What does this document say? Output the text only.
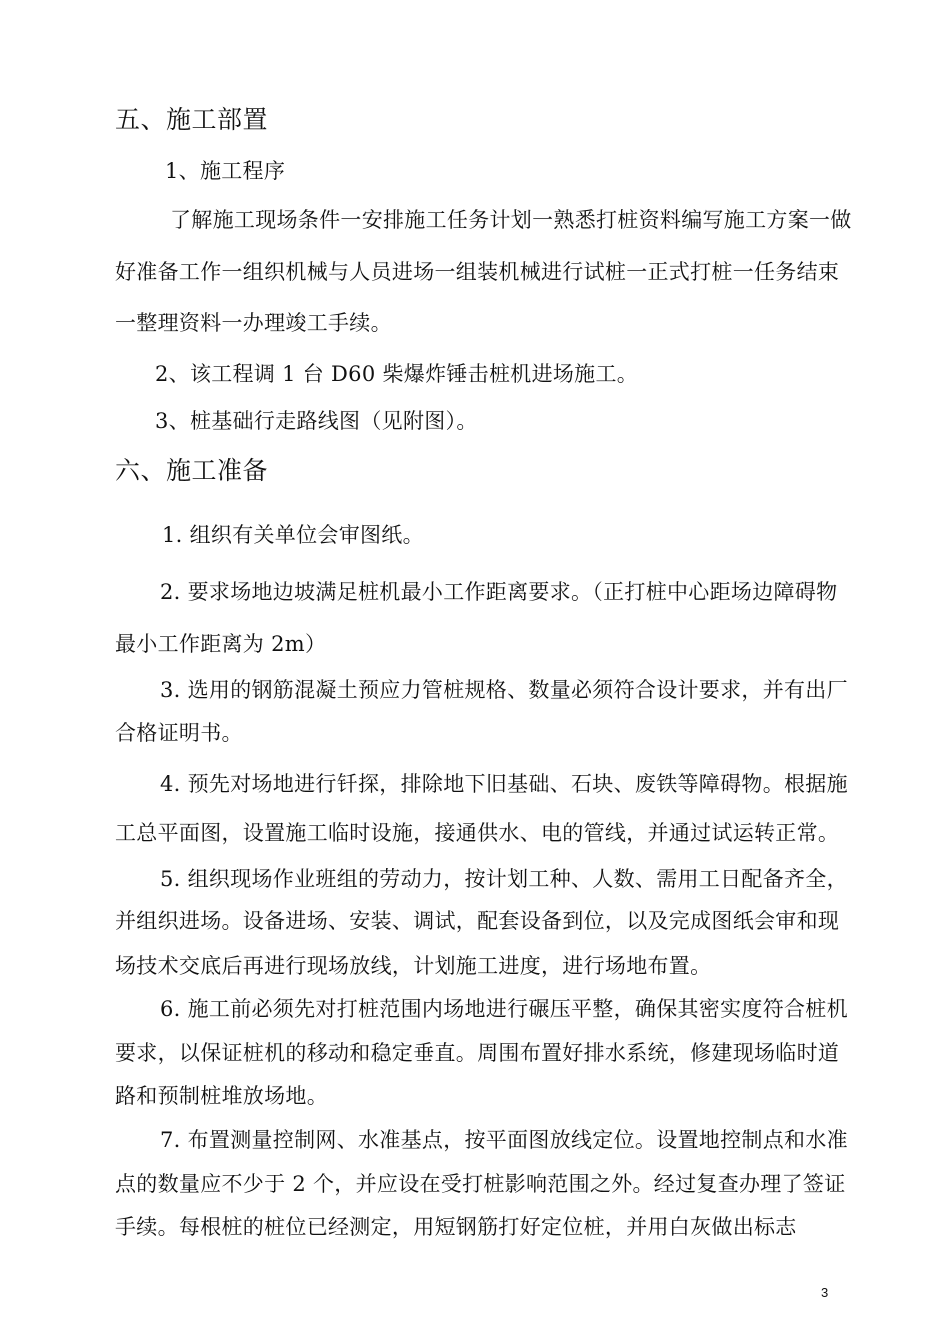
五、施工部置
1、施工程序
了解施工现场条件一安排施工任务计划一熟悉打桩资料编写施工方案一做
好准备工作一组织机械与人员进场一组装机械进行试桩一正式打桩一任务结束
一整理资料一办理竣工手续。
2、该工程调 1 台 D60 柴爆炸锤击桩机进场施工。
3、桩基础行走路线图（见附图）。
六、施工准备
1. 组织有关单位会审图纸。
2. 要求场地边坡满足桩机最小工作距离要求。（正打桩中心距场边障碍物
最小工作距离为 2m）
3. 选用的钢筋混凝土预应力管桩规格、数量必须符合设计要求，并有出厂
合格证明书。
4. 预先对场地进行钎探，排除地下旧基础、石块、废铁等障碍物。根据施
工总平面图，设置施工临时设施，接通供水、电的管线，并通过试运转正常。
5. 组织现场作业班组的劳动力，按计划工种、人数、需用工日配备齐全，
并组织进场。设备进场、安装、调试，配套设备到位，以及完成图纸会审和现
场技术交底后再进行现场放线，计划施工进度，进行场地布置。
6. 施工前必须先对打桩范围内场地进行碾压平整，确保其密实度符合桩机
要求，以保证桩机的移动和稳定垂直。周围布置好排水系统，修建现场临时道
路和预制桩堆放场地。
7. 布置测量控制网、水准基点，按平面图放线定位。设置地控制点和水准
点的数量应不少于 2 个，并应设在受打桩影响范围之外。经过复查办理了签证
手续。每根桩的桩位已经测定，用短钢筋打好定位桩，并用白灰做出标志
3
